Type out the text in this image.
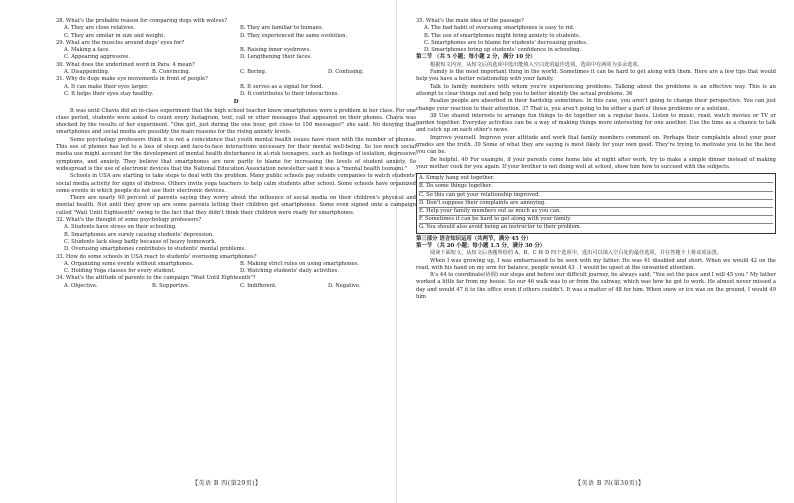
28. What's the probable reason for comparing dogs with wolves?

A. They are close relatives.	B. They are familiar to humans.
C. They are similar in size and weight.	D. They experienced the same evolution.

29. What are the muscles around dogs' eyes for?

A. Making a face.	B. Raising inner eyebrows.
C. Appearing aggressive.	D. Lengthening their faces.

30. What does the underlined word in Para. 4 mean?

A. Disappointing.	B. Convincing.	C. Boring.	D. Confusing.

31. Why do dogs make eye movements in front of people?

A. It can make their eyes larger.	B. It serves as a signal for food.
C. It helps their eyes stay healthy.	D. It contributes to their interactions.
D

It was until Chavis did an in-class experiment that the high school teacher knew smartphones were a problem in her class. For one class period, students were asked to count every Instagram, text, call or other messages that appeared on their phones. Chavis was shocked by the results of her experiment. "One girl, just during the one hour, got close to 150 messages!" she said. No denying that smartphones and social media are possibly the main reasons for the rising anxiety levels.

Some psychology professors think it is not a coincidence that youth mental health issues have risen with the number of phones. This use of phones has led to a loss of sleep and face-to-face interactions necessary for their mental well-being. So too much social media use might account for the development of mental health disturbance in at-risk teenagers, such as feelings of isolation, depressive symptoms, and anxiety. They believe that smartphones are now partly to blame for increasing the levels of student anxiety. So widespread is the use of electronic devices that the National Education Association newsletter said it was a "mental health tsunami."

Schools in USA are starting to take steps to deal with the problem. Many public schools pay outside companies to watch students' social media activity for signs of distress. Others invite yoga teachers to help calm students after school. Some schools have organized some events in which people do not use their electronic devices.

There are nearly 60 percent of parents saying they worry about the influence of social media on their children's physical and mental health. Not until they grow up are some parents letting their children get smartphones. Some even signed onto a campaign called "Wait Until Eighteenth" owing to the fact that they didn't think their children were ready for smartphones.

32. What's the thought of some psychology professors?

A. Students have stress on their schooling.
B. Smartphones are surely causing students' depression.
C. Students lack sleep badly because of heavy homework.
D. Overusing smartphones contributes to students' mental problems.

33. How do some schools in USA react to students' overusing smartphones?

A. Organizing some events without smartphones.	B. Making strict rules on using smartphones.
C. Holding Yoga classes for every student.	D. Watching students' daily activities.

34. What's the attitude of parents to the campaign "Wait Until Eighteenth"?

A. Objective.	B. Supportive.	C. Indifferent.	D. Negative.

35. What's the main idea of the passage?

A. The bad habit of overusing smartphones is easy to rid.
B. The use of smartphones might bring anxiety to students.
C. Smartphones are to blame for students' decreasing grades.
D. Smartphones bring up students' confidence in schooling.

第二节 （共 5 小题；每小题 2 分，满分 10 分）

根据短文内容，从短文后的选项中选出能填入空白处的最佳选项。选项中有两项为多余选项。

Family is the most important thing in the world. Sometimes it can be hard to get along with them. Here are a few tips that would help you have a better relationship with your family.

Talk to family members with whom you're experiencing problems. Talking about the problems is an effective way. This is an attempt to clear things out and help you to better identify the actual problems. 36

Realize people are absorbed in their hardship sometimes. In this case, you aren't going to change their perspective. You can just change your reaction to their attention. 37 That is, you aren't going to be either a part of those problems or a solution.

38 Use shared interests to arrange fun things to do together on a regular basis. Listen to music, read, watch movies or TV or garden together. Everyday activities can be a way of making things more interesting for one another. Use the time as a chance to talk and catch up on each other's news.

Improve yourself. Improve your attitude and work that family members comment on. Perhaps their complaints about your poor grades are the truth. 39 Some of what they are saying is most likely for your own good. They're trying to motivate you to be the best you can be.

Be helpful. 40 For example, if your parents come home late at night after work, try to make a simple dinner instead of making your mother cook for you again. If your brother is not doing well at school, show him how to succeed with the subjects.

A. Simply hang out together.
B. Do some things together.
C. So this can get your relationship improved.
D. Don't suppose their complaints are annoying.
E. Help your family members out as much as you can.
F. Sometimes it can be hard to get along with your family.
G. You should also avoid being an instructor to their problem.

第三部分 语言知识运用（共两节，满分 45 分）

第一节 （共 20 小题；每小题 1.5 分，满分 30 分）

阅读下面短文，从短文后各题所给的 A、B、C 和 D 四个选项中，选出可以填入空白处的最佳选项，并在答题卡上将该项涂黑。

When I was growing up, I was embarrassed to be seen with my father. He was 41 disabled and short. When we would 42 on the road, with his hand on my arm for balance, people would 43 . I would be upset at the unwanted attention.

It's 44 to coordinate(协调) our steps and before our difficult journey, he always said; "You set the pace and I will 45 you." My father worked a little far from my house. So our 46 walk was to or from the subway, which was how he got to work. He almost never missed a day and would 47 it to the office even if others couldn't. It was a matter of 48 for him. When snow or ice was on the ground, I would 49 him

【英语 B 四(第29页)】	【英语 B 四(第30页)】
